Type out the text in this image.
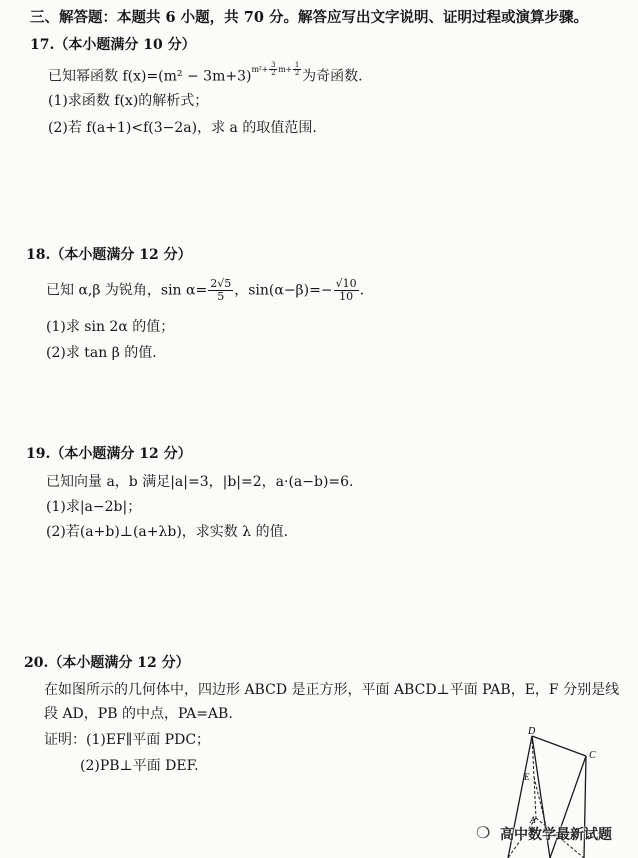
三、解答题：本题共 6 小题，共 70 分。解答应写出文字说明、证明过程或演算步骤。
17.（本小题满分 10 分）
已知幂函数 $f(x)=(m^2 - 3m+3)^{m^2+ \frac{3}{2} m+ \frac{1}{2}}$ 为奇函数.
(1)求函数 f(x)的解析式；
(2)若 f(a+1)<f(3−2a)，求 a 的取值范围.
18.（本小题满分 12 分）
已知 α,β 为锐角，$\sin \alpha= \frac{2√5}{5}$ ，$\sin(\alpha-\beta)=- \frac{√10}{10}$ .
(1)求 sin 2α 的值；
(2)求 tan β 的值.
19.（本小题满分 12 分）
已知向量 a，b 满足|a|=3，|b|=2，a·(a−b)=6.
(1)求|a−2b|；
(2)若(a+b)⊥(a+λb)，求实数 λ 的值.
20.（本小题满分 12 分）
在如图所示的几何体中，四边形 ABCD 是正方形，平面 ABCD⊥平面 PAB，E，F 分别是线
段 AD，PB 的中点，PA=AB.
证明：(1)EF∥平面 PDC；
(2)PB⊥平面 DEF.
D
C
E
A
❍ 高中数学最新试题
